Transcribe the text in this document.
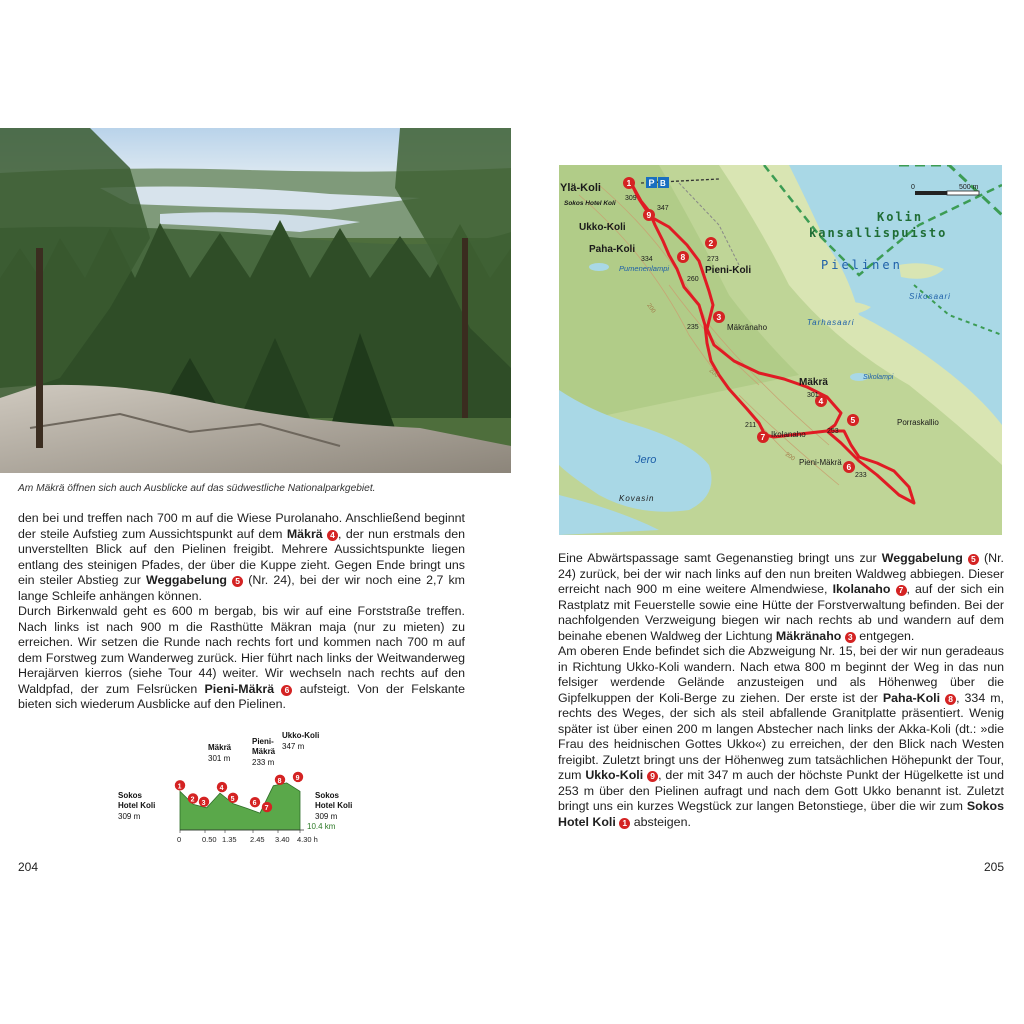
Am Mäkrä öffnen sich auch Ausblicke auf das südwestliche Nationalparkgebiet.

den bei und treffen nach 700 m auf die Wiese Purolanaho. Anschließend beginnt der steile Aufstieg zum Aussichtspunkt auf dem Mäkrä 4 , der nun erstmals den unverstellten Blick auf den Pielinen freigibt. Mehrere Aussichtspunkte liegen entlang des steinigen Pfades, der über die Kuppe zieht. Gegen Ende bringt uns ein steiler Abstieg zur Weggabelung 5 (Nr. 24), bei der wir noch eine 2,7 km lange Schleife anhängen können.

Durch Birkenwald geht es 600 m bergab, bis wir auf eine Forststraße treffen. Nach links ist nach 900 m die Rasthütte Mäkran maja (nur zu mieten) zu erreichen. Wir setzen die Runde nach rechts fort und kommen nach 700 m auf dem Forstweg zum Wanderweg zurück. Hier führt nach links der Weitwanderweg Herajärven kierros (siehe Tour 44) weiter. Wir wechseln nach rechts auf den Waldpfad, der zum Felsrücken Pieni-Mäkrä 6 aufsteigt. Von der Felskante bieten sich wiederum Ausblicke auf den Pielinen.

10.4 km
0	0.50 1.35 2.45 3.40 4.30 h
1
2 3
4
5
6
7
8 9
Sokos
Hotel Koli
309 m
Mäkrä
301 m
Pieni-
Mäkrä
233 m
Ukko-Koli
347 m
Sokos
Hotel Koli
309 m
204	205
P B
1
2
3
4
5
6
7
8
9
Ylä-Koli
Sokos Hotel Koli
Ukko-Koli
Paha-Koli
Pieni-Koli
Kolin
kansallispuisto
Pielinen
Sikosaari
Tarhasaari
Pumenenlampi
Mäkränaho
Mäkrä
Ikolanaho
Pieni-Mäkrä
Porraskallio
Sikolampi
Jero
Kovasin
0	500 m
309
347
273
334
260
235
301
253
211
233
200
200
200

Eine Abwärtspassage samt Gegenanstieg bringt uns zur Weggabelung 5 (Nr. 24) zurück, bei der wir nach links auf den nun breiten Waldweg abbiegen. Dieser erreicht nach 900 m eine weitere Almendwiese, Ikolanaho 7 , auf der sich ein Rastplatz mit Feuerstelle sowie eine Hütte der Forstverwaltung befinden. Bei der nachfolgenden Verzweigung biegen wir nach rechts ab und wandern auf dem beinahe ebenen Waldweg der Lichtung Mäkränaho 3 entgegen.

Am oberen Ende befindet sich die Abzweigung Nr. 15, bei der wir nun geradeaus in Richtung Ukko-Koli wandern. Nach etwa 800 m beginnt der Weg in das nun felsiger werdende Gelände anzusteigen und als Höhenweg über die Gipfelkuppen der Koli-Berge zu ziehen. Der erste ist der Paha-Koli 8 , 334 m, rechts des Weges, der sich als steil abfallende Granitplatte präsentiert. Wenig später ist über einen 200 m langen Abstecher nach links der Akka-Koli (dt.: »die Frau des heidnischen Gottes Ukko«) zu erreichen, der den Blick nach Westen freigibt. Zuletzt bringt uns der Höhenweg zum tatsächlichen Höhepunkt der Tour, zum Ukko-Koli 9 , der mit 347 m auch der höchste Punkt der Hügelkette ist und 253 m über den Pielinen aufragt und nach dem Gott Ukko benannt ist. Zuletzt bringt uns ein kurzes Wegstück zur langen Betonstiege, über die wir zum Sokos Hotel Koli 1 absteigen.
